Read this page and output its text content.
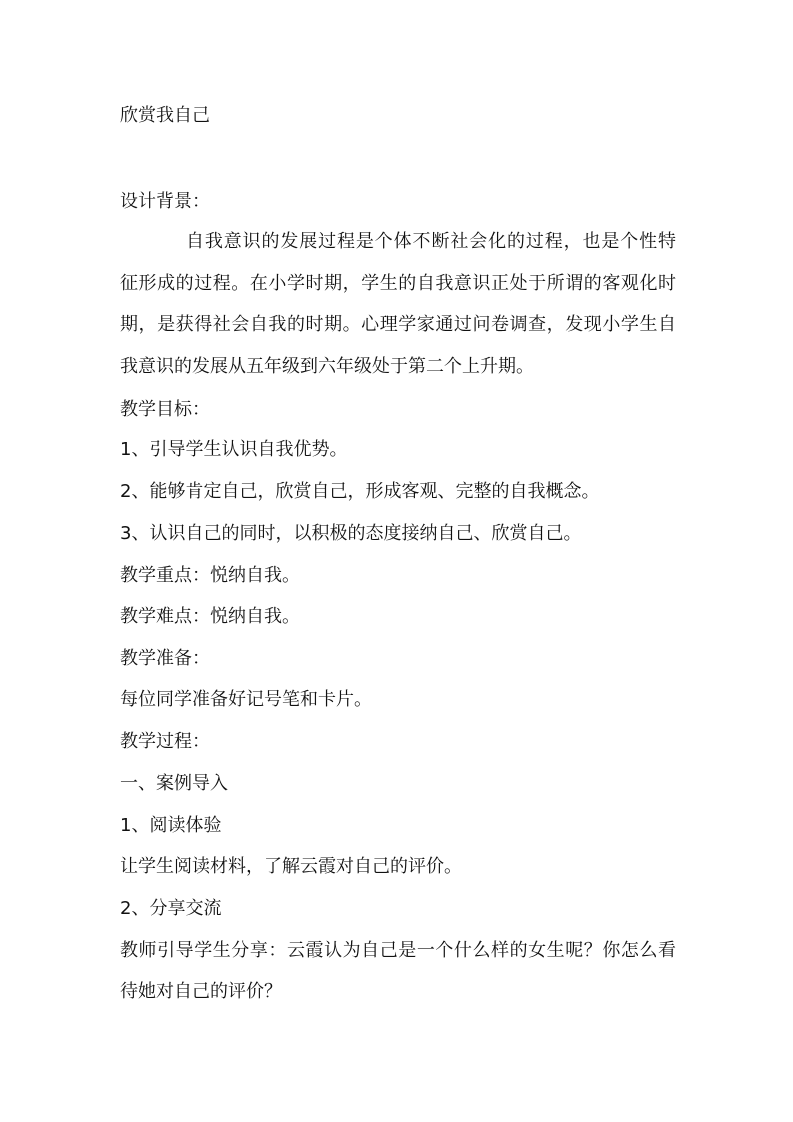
欣赏我自己
设计背景：
自我意识的发展过程是个体不断社会化的过程，也是个性特
征形成的过程。在小学时期，学生的自我意识正处于所谓的客观化时
期，是获得社会自我的时期。心理学家通过问卷调查，发现小学生自
我意识的发展从五年级到六年级处于第二个上升期。
教学目标：
1、引导学生认识自我优势。
2、能够肯定自己，欣赏自己，形成客观、完整的自我概念。
3、认识自己的同时，以积极的态度接纳自己、欣赏自己。
教学重点：悦纳自我。
教学难点：悦纳自我。
教学准备：
每位同学准备好记号笔和卡片。
教学过程：
一、案例导入
1、阅读体验
让学生阅读材料，了解云霞对自己的评价。
2、分享交流
教师引导学生分享：云霞认为自己是一个什么样的女生呢？你怎么看
待她对自己的评价？
